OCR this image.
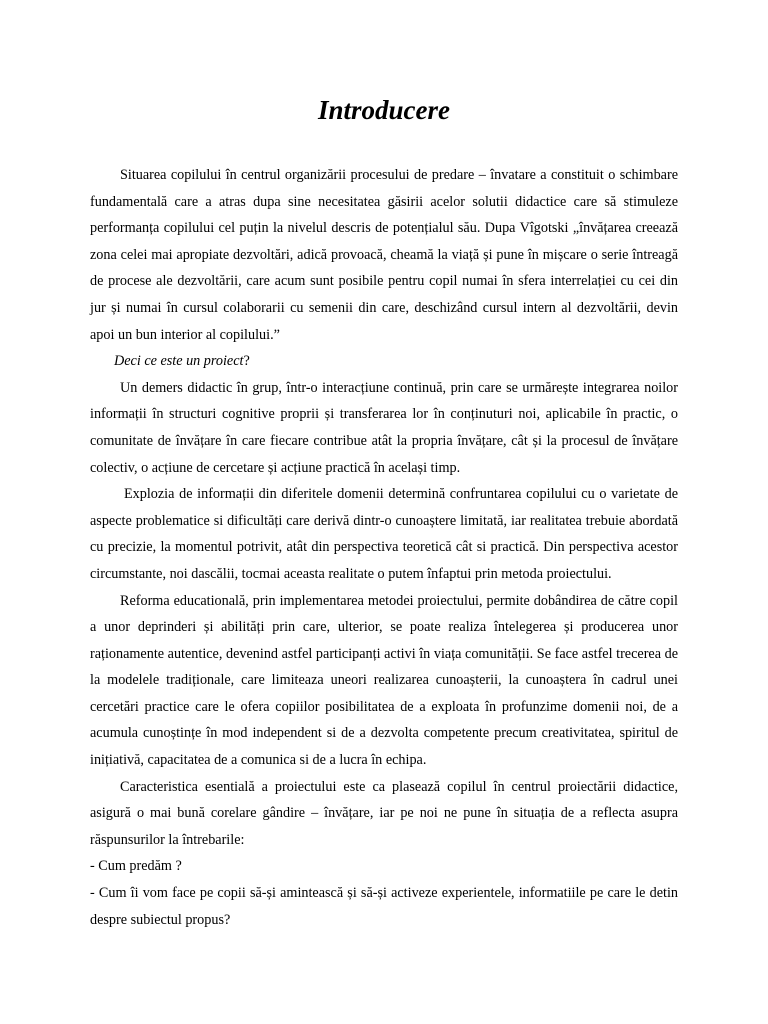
Introducere

Situarea copilului în centrul organizării procesului de predare – învatare a constituit o schimbare fundamentală care a atras dupa sine necesitatea găsirii acelor solutii didactice care să stimuleze performanța copilului cel puțin la nivelul descris de potențialul său. Dupa Vîgotski „învățarea creează zona celei mai apropiate dezvoltări, adică provoacă, cheamă la viață și pune în mișcare o serie întreagă de procese ale dezvoltării, care acum sunt posibile pentru copil numai în sfera interrelației cu cei din jur și numai în cursul colaborarii cu semenii din care, deschizând cursul intern al dezvoltării, devin apoi un bun interior al copilului.”

Deci ce este un proiect?

Un demers didactic în grup, într-o interacțiune continuă, prin care se urmărește integrarea noilor informații în structuri cognitive proprii și transferarea lor în conținuturi noi, aplicabile în practic, o comunitate de învățare în care fiecare contribue atât la propria învățare, cât și la procesul de învățare colectiv, o acțiune de cercetare și acțiune practică în același timp.

Explozia de informații din diferitele domenii determină confruntarea copilului cu o varietate de aspecte problematice si dificultăți care derivă dintr-o cunoaștere limitată, iar realitatea trebuie abordată cu precizie, la momentul potrivit, atât din perspectiva teoretică cât si practică. Din perspectiva acestor circumstante, noi dascălii, tocmai aceasta realitate o putem înfaptui prin metoda proiectului.

Reforma educatională, prin implementarea metodei proiectului, permite dobândirea de către copil a unor deprinderi și abilități prin care, ulterior, se poate realiza întelegerea și producerea unor raționamente autentice, devenind astfel participanți activi în viața comunității. Se face astfel trecerea de la modelele tradiționale, care limiteaza uneori realizarea cunoașterii, la cunoaștera în cadrul unei cercetări practice care le ofera copiilor posibilitatea de a exploata în profunzime domenii noi, de a acumula cunoștințe în mod independent si de a dezvolta competente precum creativitatea, spiritul de inițiativă, capacitatea de a comunica si de a lucra în echipa.

Caracteristica esentială a proiectului este ca plasează copilul în centrul proiectării didactice, asigură o mai bună corelare gândire – învățare, iar pe noi ne pune în situația de a reflecta asupra răspunsurilor la întrebarile:

- Cum predăm ?

- Cum îi vom face pe copii să-și amintească și să-și activeze experientele, informatiile pe care le detin despre subiectul propus?
